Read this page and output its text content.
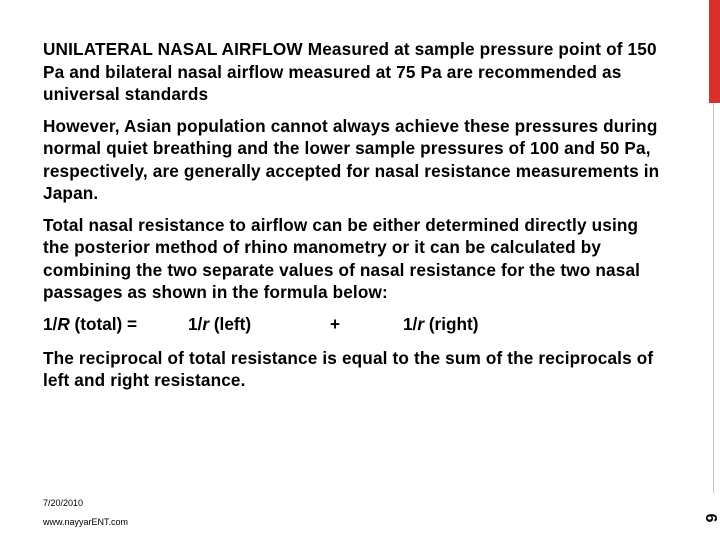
UNILATERAL NASAL AIRFLOW Measured at sample pressure point of 150 Pa and bilateral nasal airflow measured at 75 Pa are recommended as universal standards

However, Asian population cannot always achieve these pressures during normal quiet breathing and the lower sample pressures of 100 and 50 Pa, respectively, are generally accepted for nasal resistance measurements in Japan.

Total nasal resistance to airflow can be either determined directly using the posterior method of rhino manometry or it can be calculated by combining the two separate values of nasal resistance for the two nasal passages as shown in the formula below:

1/R (total) =	1/r (left)	+	1/r (right)

The reciprocal of total resistance is equal to the sum of the reciprocals of left and right resistance.

7/20/2010
www.nayyarENT.com	6
